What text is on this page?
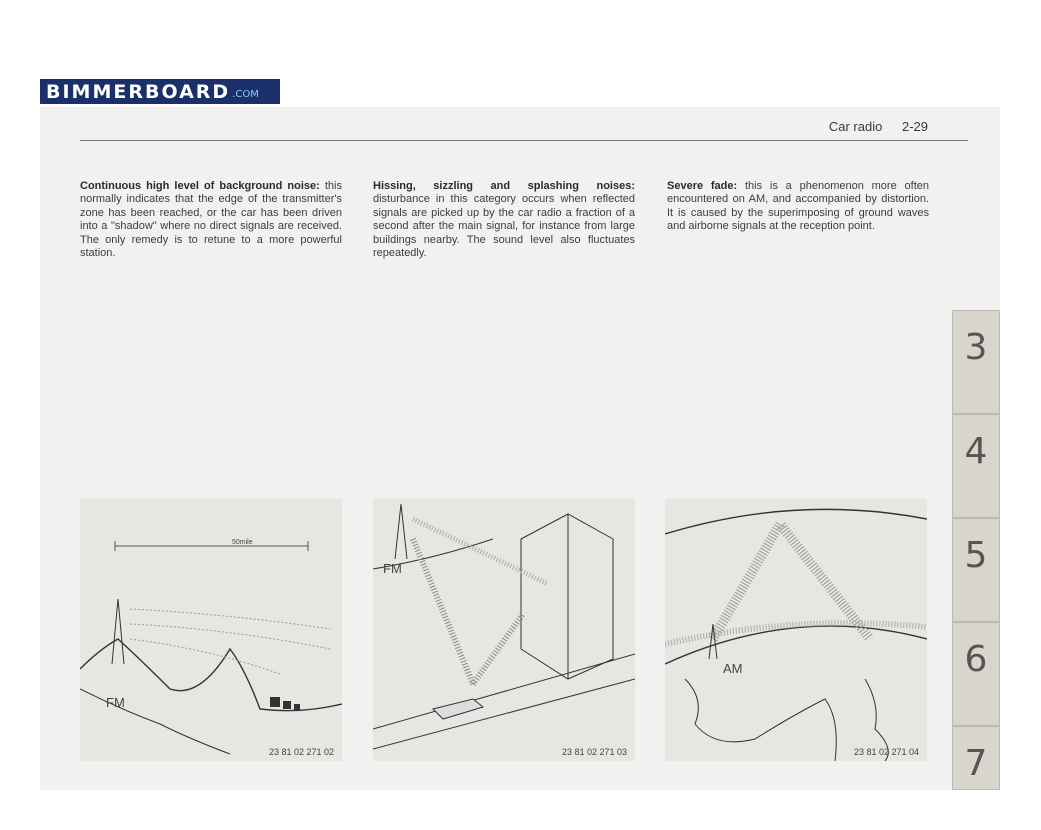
BIMMERBOARD .COM
Car radio 2-29
Continuous high level of background noise: this normally indicates that the edge of the transmitter's zone has been reached, or the car has been driven into a "shadow" where no direct signals are received. The only remedy is to retune to a more powerful station.
Hissing, sizzling and splashing noises: disturbance in this category occurs when reflected signals are picked up by the car radio a fraction of a second after the main signal, for instance from large buildings nearby. The sound level also fluctuates repeatedly.
Severe fade: this is a phenomenon more often encountered on AM, and accompanied by distortion. It is caused by the superimposing of ground waves and airborne signals at the reception point.
50mile
FM
23 81 02 271 02
FM
23 81 02 271 03
AM
23 81 02 271 04
3
4
5
6
7
